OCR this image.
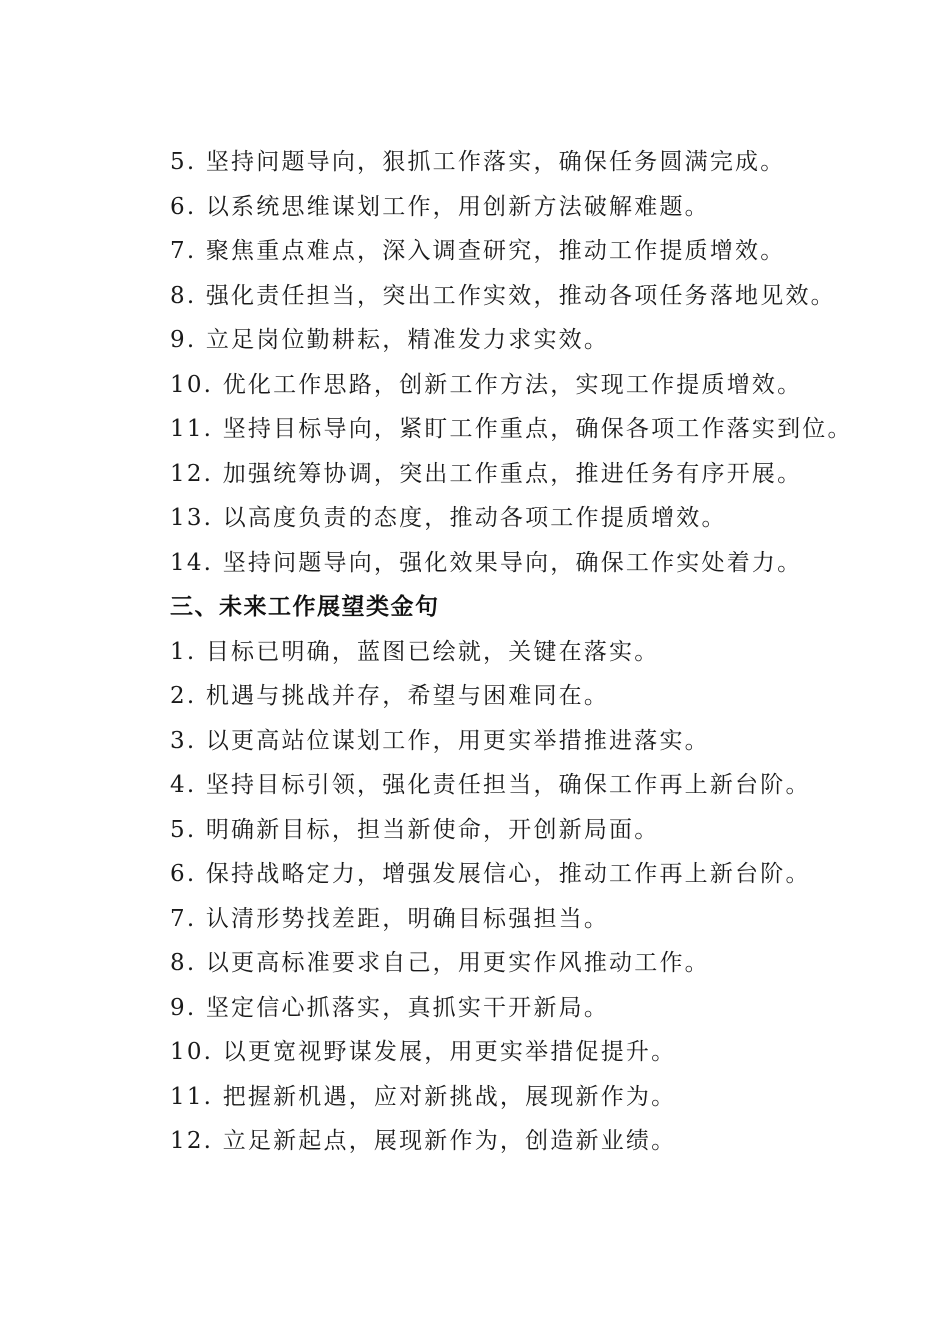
5. 坚持问题导向，狠抓工作落实，确保任务圆满完成。
6. 以系统思维谋划工作，用创新方法破解难题。
7. 聚焦重点难点，深入调查研究，推动工作提质增效。
8. 强化责任担当，突出工作实效，推动各项任务落地见效。
9. 立足岗位勤耕耘，精准发力求实效。
10. 优化工作思路，创新工作方法，实现工作提质增效。
11. 坚持目标导向，紧盯工作重点，确保各项工作落实到位。
12. 加强统筹协调，突出工作重点，推进任务有序开展。
13. 以高度负责的态度，推动各项工作提质增效。
14. 坚持问题导向，强化效果导向，确保工作实处着力。
三、未来工作展望类金句
1. 目标已明确，蓝图已绘就，关键在落实。
2. 机遇与挑战并存，希望与困难同在。
3. 以更高站位谋划工作，用更实举措推进落实。
4. 坚持目标引领，强化责任担当，确保工作再上新台阶。
5. 明确新目标，担当新使命，开创新局面。
6. 保持战略定力，增强发展信心，推动工作再上新台阶。
7. 认清形势找差距，明确目标强担当。
8. 以更高标准要求自己，用更实作风推动工作。
9. 坚定信心抓落实，真抓实干开新局。
10. 以更宽视野谋发展，用更实举措促提升。
11. 把握新机遇，应对新挑战，展现新作为。
12. 立足新起点，展现新作为，创造新业绩。
